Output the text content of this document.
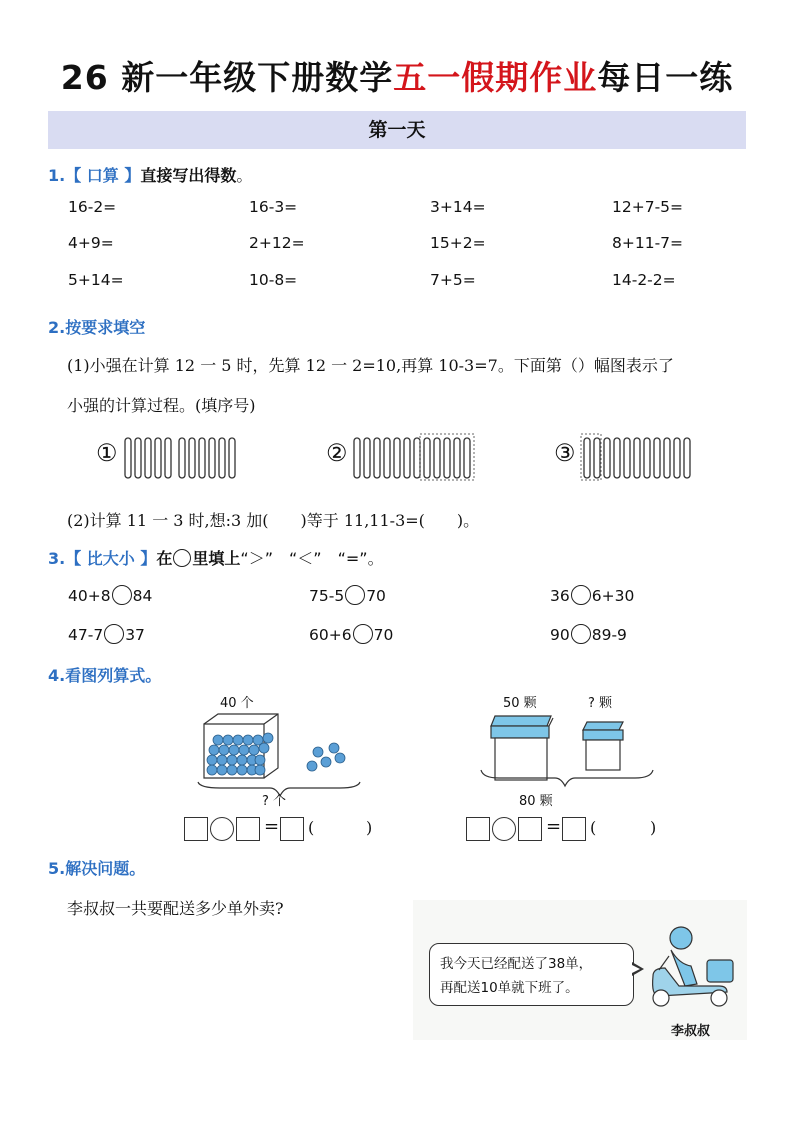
26 新一年级下册数学五一假期作业每日一练
第一天
1.【 口算 】直接写出得数。
16-2=	16-3=	3+14=	12+7-5=
4+9=	2+12=	15+2=	8+11-7=
5+14=	10-8=	7+5=	14-2-2=
2.按要求填空
(1)小强在计算 12 一 5 时，先算 12 一 2=10,再算 10-3=7。下面第（）幅图表示了
小强的计算过程。(填序号)
①	②	③
(2)计算 11 一 3 时,想:3 加(　　)等于 11,11-3=(　　)。
3.【 比大小 】在 里填上“＞”　“＜”　“=”。
40+8 84	75-5 70	36 6+30
47-7 37	60+6 70	90 89-9
4.看图列算式。
40 个
? 个
50 颗	? 颗
80 颗
= (	)	= (	)
5.解决问题。
李叔叔一共要配送多少单外卖?
我今天已经配送了38单，
再配送10单就下班了。
李叔叔
